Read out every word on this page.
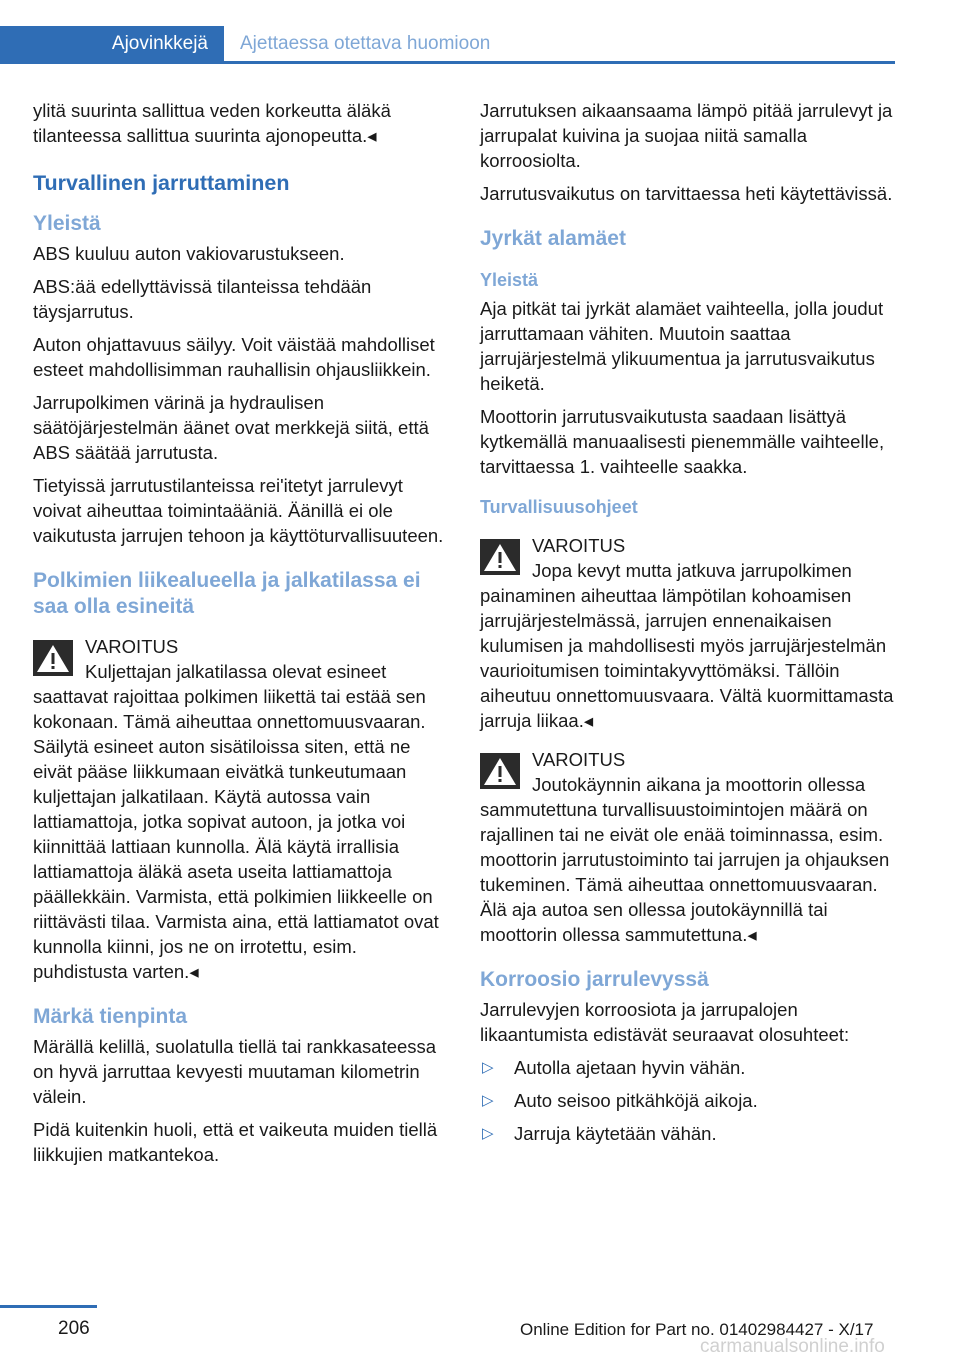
Ajovinkkejä Ajettaessa otettava huomioon

ylitä suurinta sallittua veden korkeutta äläkä tilanteessa sallittua suurinta ajonopeutta.◂

Turvallinen jarruttaminen
Yleistä

ABS kuuluu auton vakiovarustukseen.

ABS:ää edellyttävissä tilanteissa tehdään täysjarrutus.

Auton ohjattavuus säilyy. Voit väistää mahdolliset esteet mahdollisimman rauhallisin ohjausliikkein.

Jarrupolkimen värinä ja hydraulisen säätöjärjestelmän äänet ovat merkkejä siitä, että ABS säätää jarrutusta.

Tietyissä jarrutustilanteissa rei'itetyt jarrulevyt voivat aiheuttaa toimintaääniä. Äänillä ei ole vaikutusta jarrujen tehoon ja käyttöturvallisuuteen.

Polkimien liikealueella ja jalkatilassa ei saa olla esineitä
VAROITUS
Kuljettajan jalkatilassa olevat esineet
saattavat rajoittaa polkimen liikettä tai estää sen kokonaan. Tämä aiheuttaa onnettomuusvaaran. Säilytä esineet auton sisätiloissa siten, että ne eivät pääse liikkumaan eivätkä tunkeutumaan kuljettajan jalkatilaan. Käytä autossa vain lattiamattoja, jotka sopivat autoon, ja jotka voi kiinnittää lattiaan kunnolla. Älä käytä irrallisia lattiamattoja äläkä aseta useita lattiamattoja päällekkäin. Varmista, että polkimien liikkeelle on riittävästi tilaa. Varmista aina, että lattiamatot ovat kunnolla kiinni, jos ne on irrotettu, esim. puhdistusta varten.◂
Märkä tienpinta

Märällä kelillä, suolatulla tiellä tai rankkasateessa on hyvä jarruttaa kevyesti muutaman kilometrin välein.

Pidä kuitenkin huoli, että et vaikeuta muiden tiellä liikkujien matkantekoa.

Jarrutuksen aikaansaama lämpö pitää jarrulevyt ja jarrupalat kuivina ja suojaa niitä samalla korroosiolta.

Jarrutusvaikutus on tarvittaessa heti käytettävissä.

Jyrkät alamäet
Yleistä

Aja pitkät tai jyrkät alamäet vaihteella, jolla joudut jarruttamaan vähiten. Muutoin saattaa jarrujärjestelmä ylikuumentua ja jarrutusvaikutus heiketä.

Moottorin jarrutusvaikutusta saadaan lisättyä kytkemällä manuaalisesti pienemmälle vaihteelle, tarvittaessa 1. vaihteelle saakka.

Turvallisuusohjeet
VAROITUS
Jopa kevyt mutta jatkuva jarrupolkimen
painaminen aiheuttaa lämpötilan kohoamisen jarrujärjestelmässä, jarrujen ennenaikaisen kulumisen ja mahdollisesti myös jarrujärjestelmän vaurioitumisen toimintakyvyttömäksi. Tällöin aiheutuu onnettomuusvaara. Vältä kuormittamasta jarruja liikaa.◂
VAROITUS
Joutokäynnin aikana ja moottorin ollessa
sammutettuna turvallisuustoimintojen määrä on rajallinen tai ne eivät ole enää toiminnassa, esim. moottorin jarrutustoiminto tai jarrujen ja ohjauksen tukeminen. Tämä aiheuttaa onnettomuusvaaran. Älä aja autoa sen ollessa joutokäynnillä tai moottorin ollessa sammutettuna.◂
Korroosio jarrulevyssä

Jarrulevyjen korroosiota ja jarrupalojen likaantumista edistävät seuraavat olosuhteet:

▷ Autolla ajetaan hyvin vähän.
▷ Auto seisoo pitkähköjä aikoja.
▷ Jarruja käytetään vähän.
206	Online Edition for Part no. 01402984427 - X/17
carmanualsonline.info
